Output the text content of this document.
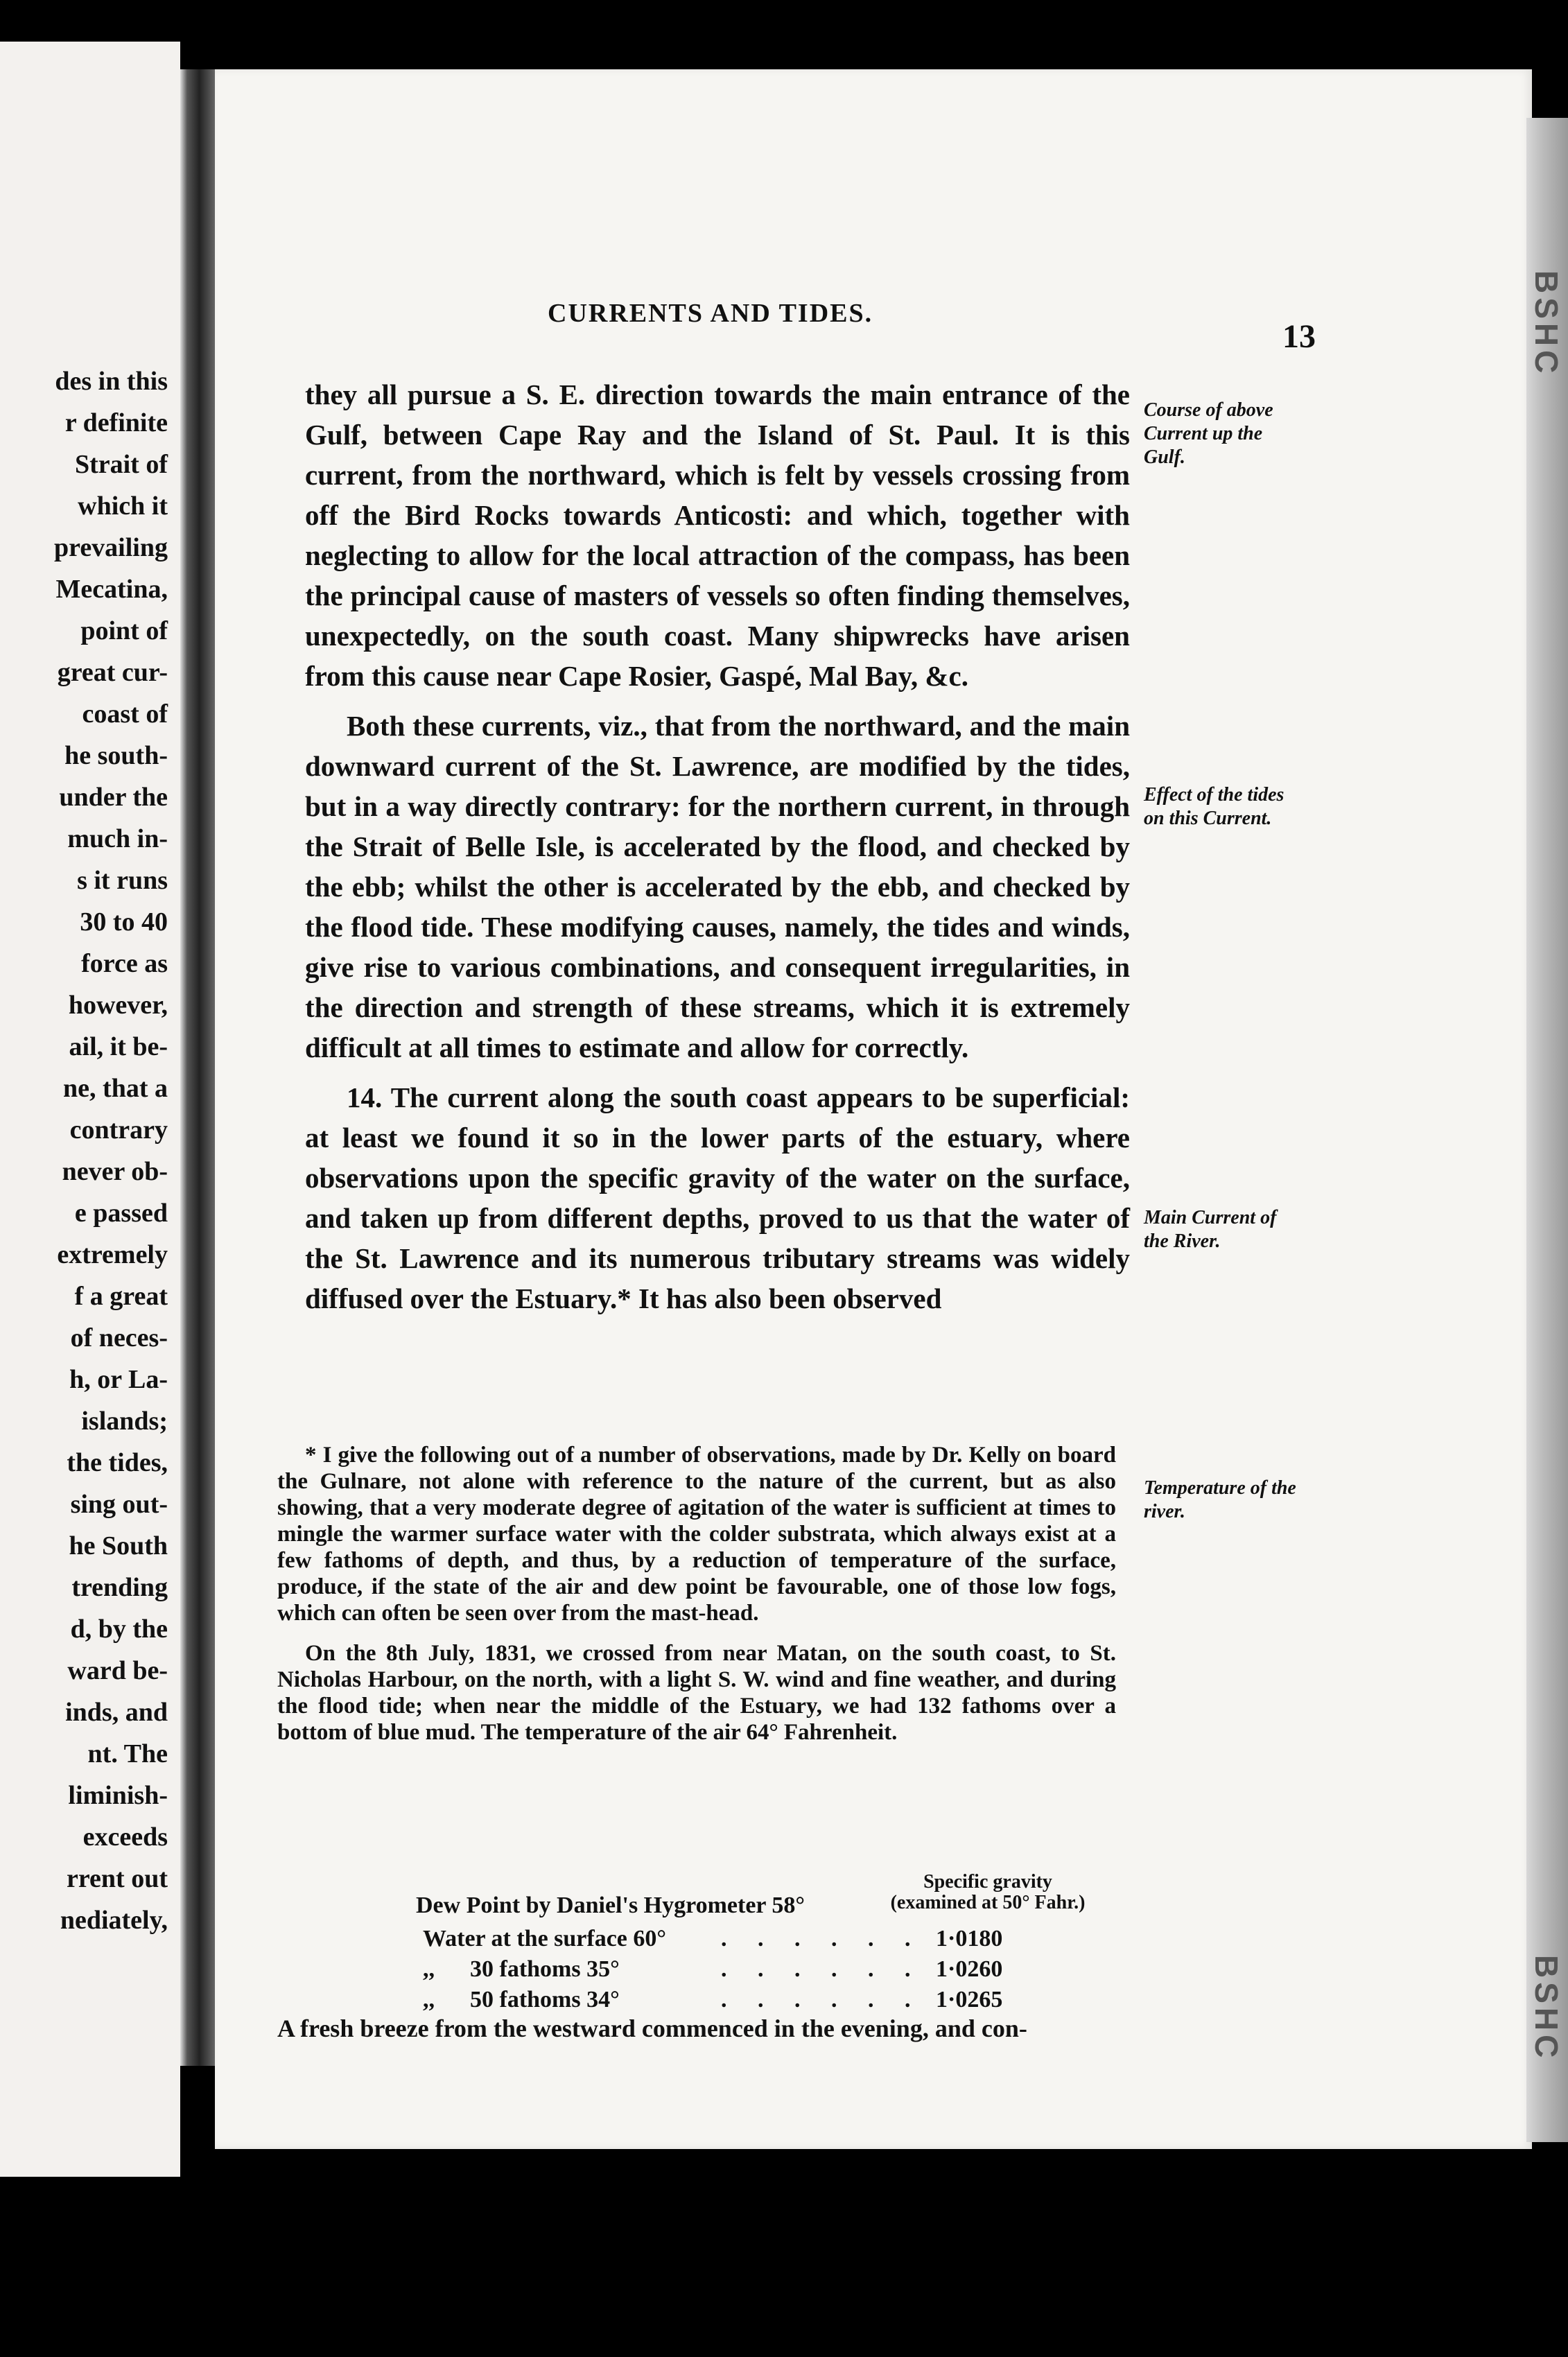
des in this
r definite
Strait of
which it
prevailing
Mecatina,
point of
great cur-
coast of
he south-
under the
much in-
s it runs
30 to 40
force as
however,
ail, it be-
ne, that a
contrary
never ob-
e passed
extremely
f a great
of neces-
h, or La-
islands;
the tides,
sing out-
he South
trending
d, by the
ward be-
inds, and
nt. The
liminish-
exceeds
rrent out
nediately,
BSHC
BSHC
CURRENTS AND TIDES.
13

they all pursue a S. E. direction towards the main entrance of the Gulf, between Cape Ray and the Island of St. Paul. It is this current, from the northward, which is felt by vessels crossing from off the Bird Rocks towards Anticosti: and which, together with neglecting to allow for the local attraction of the compass, has been the principal cause of masters of vessels so often finding themselves, unexpectedly, on the south coast. Many shipwrecks have arisen from this cause near Cape Rosier, Gaspé, Mal Bay, &c.

Both these currents, viz., that from the northward, and the main downward current of the St. Lawrence, are modified by the tides, but in a way directly contrary: for the northern current, in through the Strait of Belle Isle, is accelerated by the flood, and checked by the ebb; whilst the other is accelerated by the ebb, and checked by the flood tide. These modifying causes, namely, the tides and winds, give rise to various combinations, and consequent irregularities, in the direction and strength of these streams, which it is extremely difficult at all times to estimate and allow for correctly.

14. The current along the south coast appears to be superficial: at least we found it so in the lower parts of the estuary, where observations upon the specific gravity of the water on the surface, and taken up from different depths, proved to us that the water of the St. Lawrence and its numerous tributary streams was widely diffused over the Estuary.* It has also been observed

Course of above Current up the Gulf.
Effect of the tides on this Current.
Main Current of the River.
Temperature of the river.

* I give the following out of a number of observations, made by Dr. Kelly on board the Gulnare, not alone with reference to the nature of the current, but as also showing, that a very moderate degree of agitation of the water is sufficient at times to mingle the warmer surface water with the colder substrata, which always exist at a few fathoms of depth, and thus, by a reduction of temperature of the surface, produce, if the state of the air and dew point be favourable, one of those low fogs, which can often be seen over from the mast-head.

On the 8th July, 1831, we crossed from near Matan, on the south coast, to St. Nicholas Harbour, on the north, with a light S. W. wind and fine weather, and during the flood tide; when near the middle of the Estuary, we had 132 fathoms over a bottom of blue mud. The temperature of the air 64° Fahrenheit.

Specific gravity
(examined at 50° Fahr.)
Dew Point by Daniel's Hygrometer 58°
Water at the surface 60° . . . . . . 1·0180
,,      30 fathoms 35°	. . . . . . 1·0260
,,      50 fathoms 34°	. . . . . . 1·0265
A fresh breeze from the westward commenced in the evening, and con-
